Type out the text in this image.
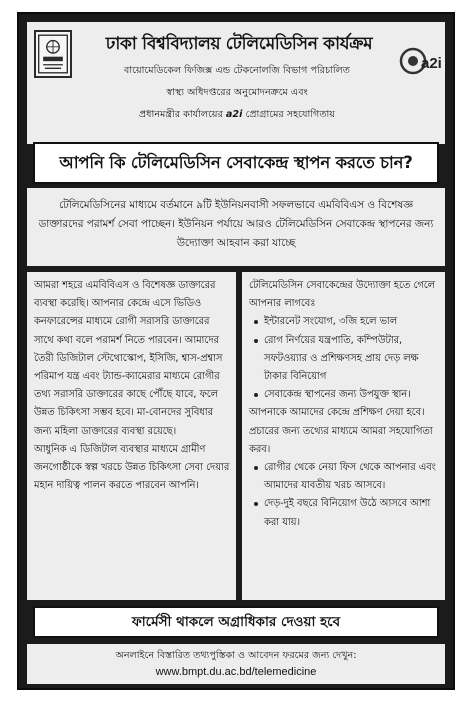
ঢাকা বিশ্ববিদ্যালয় টেলিমেডিসিন কার্যক্রম
a2i
বায়োমেডিকেল ফিজিক্স এন্ড টেকনোলজি বিভাগ পরিচালিত
স্বাস্থ্য অধিদপ্তরের অনুমোদনক্রমে এবং
প্রধানমন্ত্রীর কার্যালয়ের a2i প্রোগ্রামের সহযোগিতায়
আপনি কি টেলিমেডিসিন সেবাকেন্দ্র স্থাপন করতে চান?
টেলিমেডিসিনের মাধ্যমে বর্তমানে ৯টি ইউনিয়নবাসী সফলভাবে এমবিবিএস ও বিশেষজ্ঞ ডাক্তারদের পরামর্শ সেবা পাচ্ছেন। ইউনিয়ন পর্যায়ে আরও টেলিমেডিসিন সেবাকেন্দ্র স্থাপনের জন্য উদ্যোক্তা আহবান করা যাচ্ছে

আমরা শহরে এমবিবিএস ও বিশেষজ্ঞ ডাক্তারের ব্যবস্থা করেছি। আপনার কেন্দ্রে এসে ভিডিও কনফারেন্সের মাধ্যমে রোগী সরাসরি ডাক্তারের সাথে কথা বলে পরামর্শ নিতে পারবেন। আমাদের তৈরী ডিজিটাল স্টেথোস্কোপ, ইসিজি, শ্বাস-প্রশ্বাস পরিমাপ যন্ত্র এবং ট্যান্ড-ক্যামেরার মাধ্যমে রোগীর তথ্য সরাসরি ডাক্তারের কাছে পৌঁছে যাবে, ফলে উন্নত চিকিৎসা সম্ভব হবে। মা-বোনদের সুবিধার জন্য মহিলা ডাক্তারের ব্যবস্থা রয়েছে।

আধুনিক এ ডিজিটাল ব্যবস্থার মাধ্যমে গ্রামীণ জনগোষ্ঠীকে স্বল্প খরচে উন্নত চিকিৎসা সেবা দেয়ার মহান দায়িত্ব পালন করতে পারবেন আপনি।

টেলিমেডিসিন সেবাকেন্দ্রের উদ্যোক্তা হতে গেলে আপনার লাগবেঃ

ইন্টারনেট সংযোগ, ৩জি হলে ভাল
রোগ নির্ণয়ের যন্ত্রপাতি, কম্পিউটার, সফটওয়্যার ও প্রশিক্ষণসহ প্রায় দেড় লক্ষ টাকার বিনিয়োগ
সেবাকেন্দ্র স্থাপনের জন্য উপযুক্ত স্থান।

আপনাকে আমাদের কেন্দ্রে প্রশিক্ষণ দেয়া হবে। প্রচারের জন্য তথ্যের মাধ্যমে আমরা সহযোগিতা করব।

রোগীর থেকে নেয়া ফিস থেকে আপনার এবং আমাদের যাবতীয় খরচ আসবে।
দেড়-দুই বছরে বিনিয়োগ উঠে আসবে আশা করা যায়।
ফার্মেসী থাকলে অগ্রাধিকার দেওয়া হবে
অনলাইনে বিস্তারিত তথ্যপুস্তিকা ও আবেদন ফরমের জন্য দেখুন:
www.bmpt.du.ac.bd/telemedicine
